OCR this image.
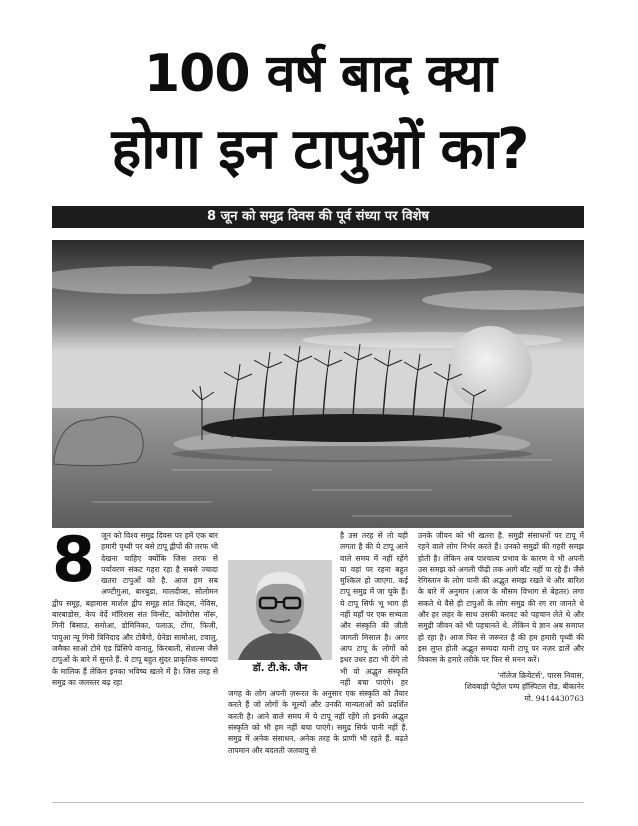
100 वर्ष बाद क्या
होगा इन टापुओं का?
8 जून को समुद्र दिवस की पूर्व संध्या पर विशेष
8 जून को विश्व समुद्र दिवस पर हमें एक बार हमारी पृथ्वी पर बसे टापू द्वीपों की तरफ भी देखना चाहिए क्योंकि जिस तरफ से पर्यावरण संकट गहरा रहा है सबसे ज्यादा खतरा टापुओं को है. आज हम सब अण्टीगुआ, बारबुडा, मालदीव्स, सोलोमन द्वीप समूह, बहामास मार्शल द्वीप समूह सांत किट्स, नेविस, बारबाडोस, केप वेर्दे मॉरिशस संत विन्सेंट, कोमोरोस नॉरू, गिनी बिसाउ, समोआ, डोमिनिका, पलाऊ, टोंगा, फिजी, पापुआ न्यू गिनी त्रिनिदाद और टोबैगो, ग्रेनेडा सामोआ, टवालु, जमैका साओ टोमे एंड प्रिंसिपे वानातु, किरबाती, सेशल्स जैसे टापुओं के बारे में सुनते हैं. ये टापू बहुत सुंदर प्राकृतिक सम्पदा के मालिक हैं लेकिन इनका भविष्य खतरे में है। जिस तरह से समुद्र का जलस्तर बढ़ रहा
डॉ. टी.के. जैन
है उस तरह से तो यही लगता है की ये टापू आने वाले समय में नहीं रहेंगे या वहां पर रहना बहुत मुश्किल हो जाएगा. कई टापू समुद्र में जा चुके हैं। ये टापू सिर्फ भू भाग ही नहीं यहाँ पर एक सभ्यता और संस्कृति की जीती जागती मिसाल है। अगर आप टापू के लोगों को इधर उधर हटा भी देंगे तो भी वो अद्भुत संस्कृति नहीं बचा पाएंगे। हर जगह के लोग अपनी ज़रूरत के अनुसार एक संस्कृति को तैयार करते हैं जो लोगों के मूल्यों और उनकी मान्यताओं को प्रदर्शित करती है। आने वाले समय में ये टापू नहीं रहेंगे तो इनकी अद्भुत संस्कृति को भी हम नहीं बचा पाएंगे। समुद्र सिर्फ पानी नहीं है. समुद्र में अनेक संसाधन, अनेक तरह के प्राणी भी रहते हैं. बढ़ते तापमान और बदलती जलवायु से
उनके जीवन को भी खतरा है. समुद्री संसाधनों पर टापू में रहने वाले लोग निर्भर करते हैं। उनको समुद्रों की गहरी समझ होती है। लेकिन अब पाश्चात्य प्रभाव के कारण वे भी अपनी उस समझ को अगली पीढ़ी तक आगे बाँट नहीं पा रहे हैं। जैसे रेगिस्तान के लोग पानी की अद्भुत समझ रखते थे और बारिश के बारे में अनुमान (आज के मौसम विभाग से बेहतर) लगा सकते थे वैसे ही टापुओं के लोग समुद्र की रग रग जानते थे और हर लहर के साथ उसकी करवट को पहचान लेते थे और समुद्री जीवन को भी पहचानते थे. लेकिन ये ज्ञान अब समाप्त हो रहा है। आज फिर से जरूरत है की हम हमारी पृथ्वी की इस लुप्त होती अद्भुत सम्पदा यानी टापू पर नज़र डालें और विकास के हमारे तरीके पर फिर से मनन करें।
'नॉलेज क्रियेटर्स', पारस निवास,
शिवबाड़ी पेट्रोल पम्प हॉस्पिटल रोड, बीकानेर
मो. 9414430763
